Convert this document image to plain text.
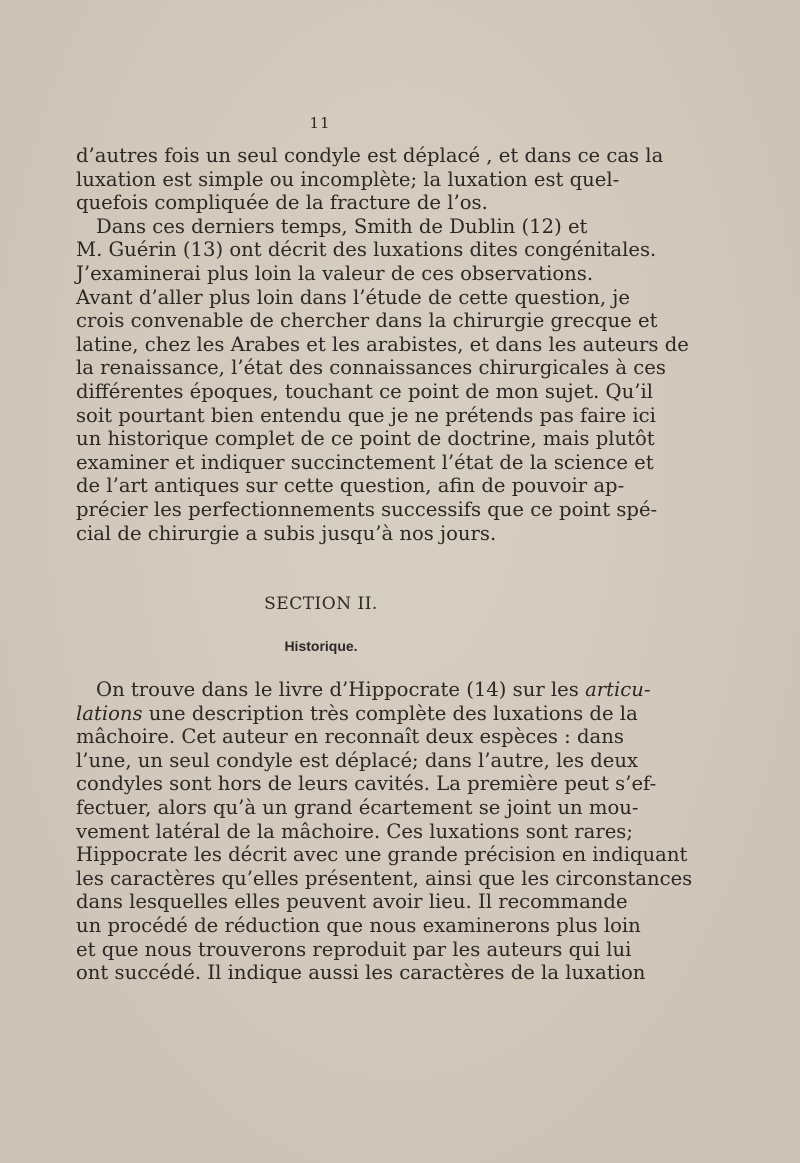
11

d’autres fois un seul condyle est déplacé , et dans ce cas la
luxation est simple ou incomplète; la luxation est quel-
quefois compliquée de la fracture de l’os.

Dans ces derniers temps, Smith de Dublin (12) et
M. Guérin (13) ont décrit des luxations dites congénitales.
J’examinerai plus loin la valeur de ces observations.
Avant d’aller plus loin dans l’étude de cette question, je
crois convenable de chercher dans la chirurgie grecque et
latine, chez les Arabes et les arabistes, et dans les auteurs de
la renaissance, l’état des connaissances chirurgicales à ces
différentes époques, touchant ce point de mon sujet. Qu’il
soit pourtant bien entendu que je ne prétends pas faire ici
un historique complet de ce point de doctrine, mais plutôt
examiner et indiquer succinctement l’état de la science et
de l’art antiques sur cette question, afin de pouvoir ap-
précier les perfectionnements successifs que ce point spé-
cial de chirurgie a subis jusqu’à nos jours.

SECTION II.
Historique.

On trouve dans le livre d’Hippocrate (14) sur les articu-
lations une description très complète des luxations de la
mâchoire. Cet auteur en reconnaît deux espèces : dans
l’une, un seul condyle est déplacé; dans l’autre, les deux
condyles sont hors de leurs cavités. La première peut s’ef-
fectuer, alors qu’à un grand écartement se joint un mou-
vement latéral de la mâchoire. Ces luxations sont rares;
Hippocrate les décrit avec une grande précision en indiquant
les caractères qu’elles présentent, ainsi que les circonstances
dans lesquelles elles peuvent avoir lieu. Il recommande
un procédé de réduction que nous examinerons plus loin
et que nous trouverons reproduit par les auteurs qui lui
ont succédé. Il indique aussi les caractères de la luxation
